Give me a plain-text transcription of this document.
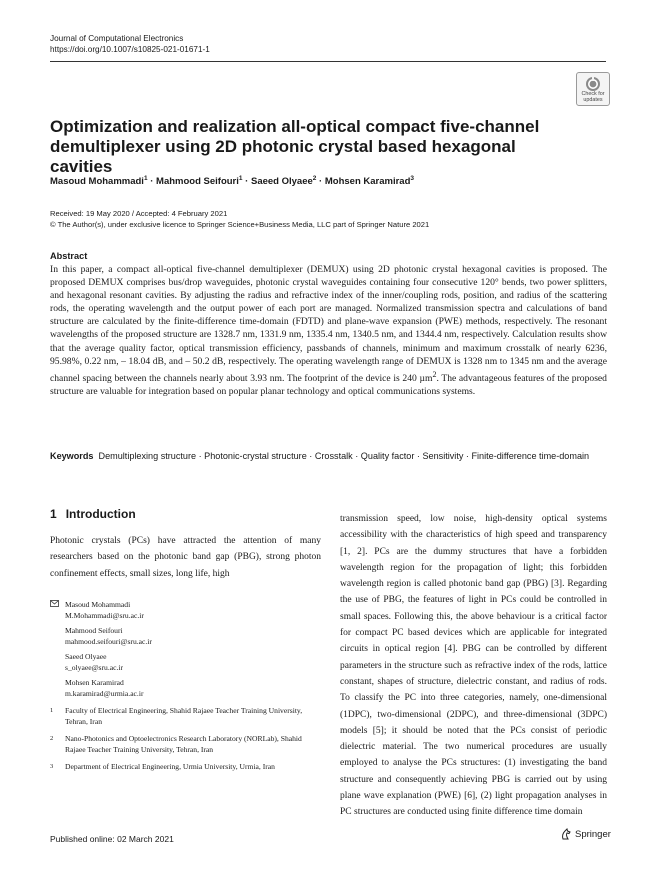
Journal of Computational Electronics
https://doi.org/10.1007/s10825-021-01671-1
Check for
updates
Optimization and realization all-optical compact five-channel demultiplexer using 2D photonic crystal based hexagonal cavities
Masoud Mohammadi$^1$ · Mahmood Seifouri$^1$ · Saeed Olyaee$^2$ · Mohsen Karamirad$^3$
Received: 19 May 2020 / Accepted: 4 February 2021
© The Author(s), under exclusive licence to Springer Science+Business Media, LLC part of Springer Nature 2021
Abstract

In this paper, a compact all-optical five-channel demultiplexer (DEMUX) using 2D photonic crystal hexagonal cavities is proposed. The proposed DEMUX comprises bus/drop waveguides, photonic crystal waveguides containing four consecutive 120° bends, two power splitters, and hexagonal resonant cavities. By adjusting the radius and refractive index of the inner/coupling rods, position, and radius of the scattering rods, the operating wavelength and the output power of each port are managed. Normalized transmission spectra and calculations of band structure are calculated by the finite-difference time-domain (FDTD) and plane-wave expansion (PWE) methods, respectively. The resonant wavelengths of the proposed structure are 1328.7 nm, 1331.9 nm, 1335.4 nm, 1340.5 nm, and 1344.4 nm, respectively. Calculation results show that the average quality factor, optical transmission efficiency, passbands of channels, minimum and maximum crosstalk of nearly 6236, 95.98%, 0.22 nm, – 18.04 dB, and – 50.2 dB, respectively. The operating wavelength range of DEMUX is 1328 nm to 1345 nm and the average channel spacing between the channels nearly about 3.93 nm. The footprint of the device is 240 µm$^2$. The advantageous features of the proposed structure are valuable for integration based on popular planar technology and optical communications systems.

Keywords Demultiplexing structure · Photonic-crystal structure · Crosstalk · Quality factor · Sensitivity · Finite-difference time-domain
1 Introduction

Photonic crystals (PCs) have attracted the attention of many researchers based on the photonic band gap (PBG), strong photon confinement effects, small sizes, long life, high

Masoud Mohammadi
M.Mohammadi@sru.ac.ir
Mahmood Seifouri
mahmood.seifouri@sru.ac.ir
Saeed Olyaee
s_olyaee@sru.ac.ir
Mohsen Karamirad
m.karamirad@urmia.ac.ir
1 Faculty of Electrical Engineering, Shahid Rajaee Teacher Training University, Tehran, Iran
2 Nano-Photonics and Optoelectronics Research Laboratory (NORLab), Shahid Rajaee Teacher Training University, Tehran, Iran
3 Department of Electrical Engineering, Urmia University, Urmia, Iran

transmission speed, low noise, high-density optical systems accessibility with the characteristics of high speed and transparency [1, 2]. PCs are the dummy structures that have a forbidden wavelength region for the propagation of light; this forbidden wavelength region is called photonic band gap (PBG) [3]. Regarding the use of PBG, the features of light in PCs could be controlled in small spaces. Following this, the above behaviour is a critical factor for compact PC based devices which are applicable for integrated circuits in optical region [4]. PBG can be controlled by different parameters in the structure such as refractive index of the rods, lattice constant, shapes of structure, dielectric constant, and radius of rods. To classify the PC into three categories, namely, one-dimensional (1DPC), two-dimensional (2DPC), and three-dimensional (3DPC) models [5]; it should be noted that the PCs consist of periodic dielectric material. The two numerical procedures are usually employed to analyse the PCs structures: (1) investigating the band structure and consequently achieving PBG is carried out by using plane wave explanation (PWE) [6], (2) light propagation analyses in PC structures are conducted using finite difference time domain

Published online: 02 March 2021	Springer
